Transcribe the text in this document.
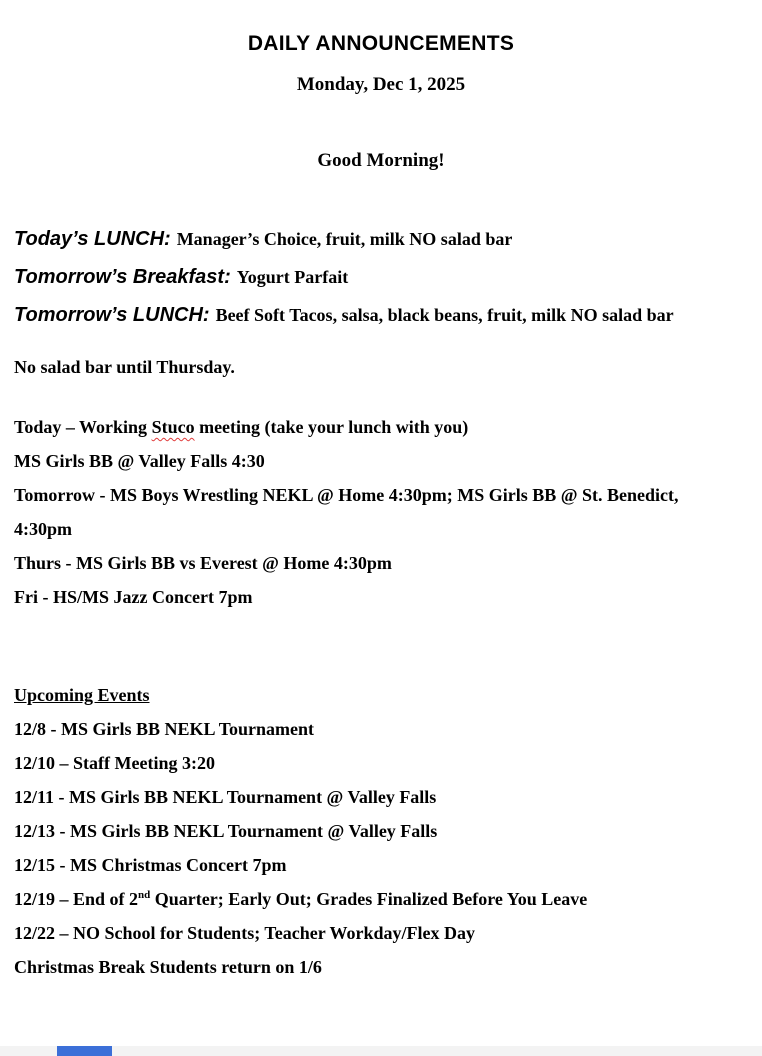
DAILY ANNOUNCEMENTS
Monday, Dec 1, 2025
Good Morning!

Today’s LUNCH: Manager’s Choice, fruit, milk NO salad bar

Tomorrow’s Breakfast: Yogurt Parfait

Tomorrow’s LUNCH: Beef Soft Tacos, salsa, black beans, fruit, milk NO salad bar

No salad bar until Thursday.

Today – Working Stuco meeting (take your lunch with you)

MS Girls BB @ Valley Falls 4:30

Tomorrow - MS Boys Wrestling NEKL @ Home 4:30pm; MS Girls BB @ St. Benedict,
4:30pm

Thurs - MS Girls BB vs Everest @ Home 4:30pm

Fri - HS/MS Jazz Concert 7pm

Upcoming Events

12/8 - MS Girls BB NEKL Tournament

12/10 – Staff Meeting 3:20

12/11 - MS Girls BB NEKL Tournament @ Valley Falls

12/13 - MS Girls BB NEKL Tournament @ Valley Falls

12/15 - MS Christmas Concert 7pm

12/19 – End of 2nd Quarter; Early Out; Grades Finalized Before You Leave

12/22 – NO School for Students; Teacher Workday/Flex Day

Christmas Break Students return on 1/6
